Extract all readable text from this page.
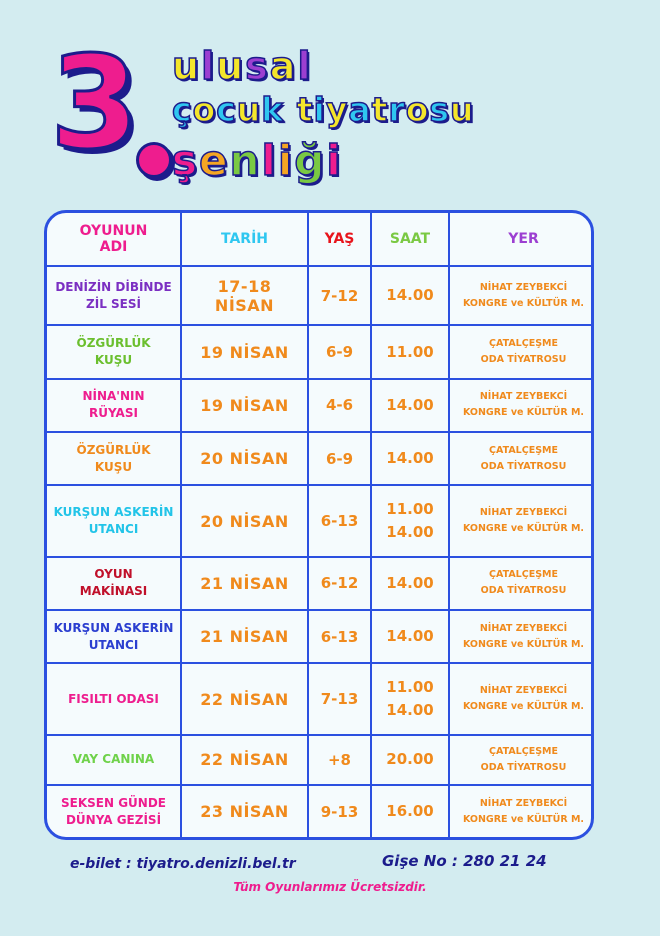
3 ulusal
çocuk tiyatrosu
şenliği
OYUNUN
ADI	TARİH	YAŞ	SAAT	YER

DENİZİN DİBİNDE
ZİL SESİ	17-18 NİSAN	7-12	14.00	NİHAT ZEYBEKCİ
KONGRE ve KÜLTÜR M.

ÖZGÜRLÜK
KUŞU	19 NİSAN	6-9	11.00	ÇATALÇEŞME
ODA TİYATROSU

NİNA'NIN
RÜYASI	19 NİSAN	4-6	14.00	NİHAT ZEYBEKCİ
KONGRE ve KÜLTÜR M.

ÖZGÜRLÜK
KUŞU	20 NİSAN	6-9	14.00	ÇATALÇEŞME
ODA TİYATROSU

KURŞUN ASKERİN
UTANCI	20 NİSAN	6-13	11.00
14.00	NİHAT ZEYBEKCİ
KONGRE ve KÜLTÜR M.

OYUN
MAKİNASI	21 NİSAN	6-12	14.00	ÇATALÇEŞME
ODA TİYATROSU

KURŞUN ASKERİN
UTANCI	21 NİSAN	6-13	14.00	NİHAT ZEYBEKCİ
KONGRE ve KÜLTÜR M.

FISILTI ODASI	22 NİSAN	7-13	11.00
14.00	NİHAT ZEYBEKCİ
KONGRE ve KÜLTÜR M.

VAY CANINA	22 NİSAN	+8	20.00	ÇATALÇEŞME
ODA TİYATROSU

SEKSEN GÜNDE
DÜNYA GEZİSİ	23 NİSAN	9-13	16.00	NİHAT ZEYBEKCİ
KONGRE ve KÜLTÜR M.
e-bilet : tiyatro.denizli.bel.tr	Gişe No : 280 21 24
Tüm Oyunlarımız Ücretsizdir.
